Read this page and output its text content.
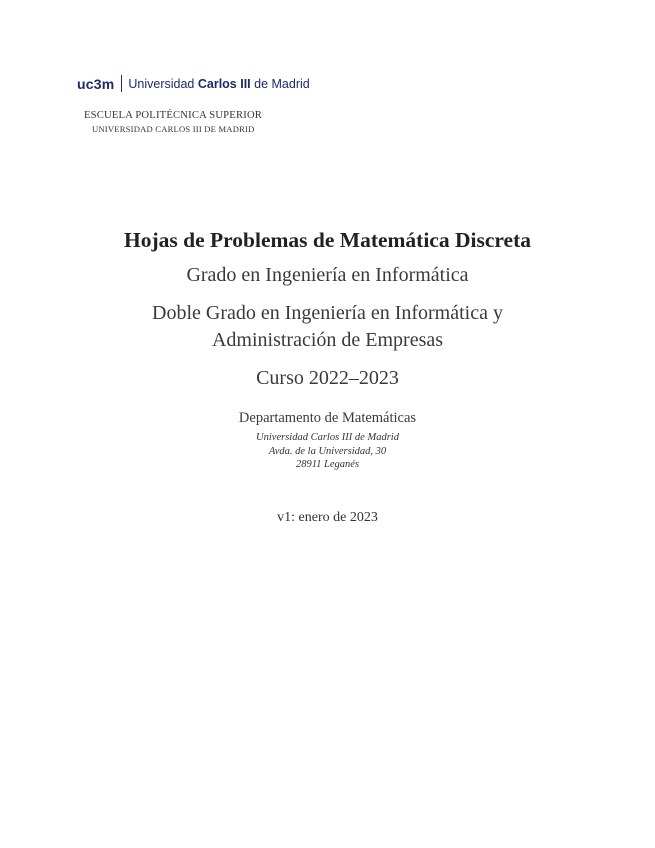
uc3m Universidad Carlos III de Madrid
ESCUELA POLITÉCNICA SUPERIOR
UNIVERSIDAD CARLOS III DE MADRID
Hojas de Problemas de Matemática Discreta
Grado en Ingeniería en Informática
Doble Grado en Ingeniería en Informática y
Administración de Empresas
Curso 2022–2023
Departamento de Matemáticas
Universidad Carlos III de Madrid
Avda. de la Universidad, 30
28911 Leganés
v1: enero de 2023
